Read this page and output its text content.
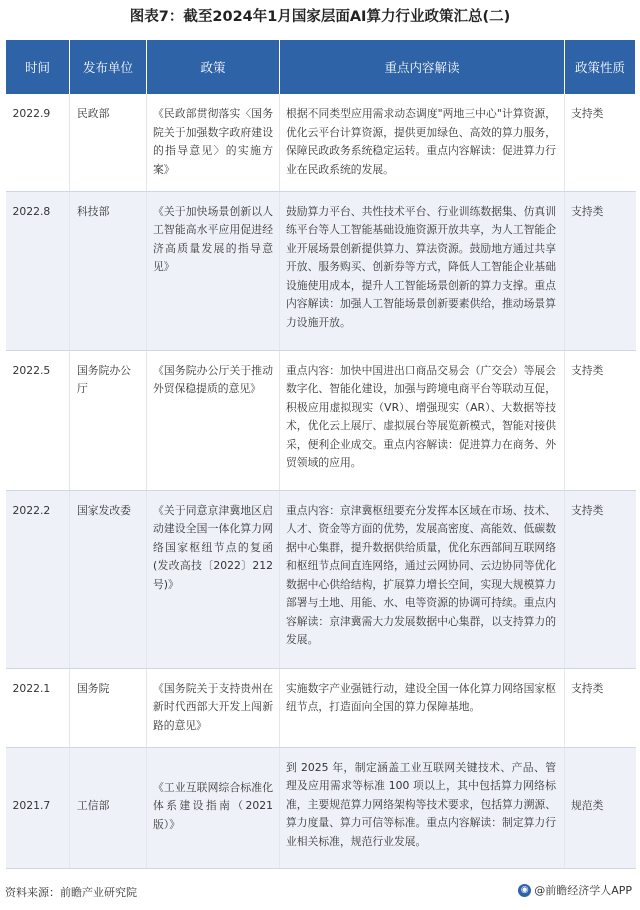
图表7：截至2024年1月国家层面AI算力行业政策汇总(二)
时间	发布单位	政策	重点内容解读	政策性质
2022.9	民政部	《民政部贯彻落实〈国务院关于加强数字政府建设的指导意见〉的实施方案》	根据不同类型应用需求动态调度"两地三中心"计算资源，优化云平台计算资源，提供更加绿色、高效的算力服务，保障民政政务系统稳定运转。重点内容解读：促进算力行业在民政系统的发展。	支持类
2022.8	科技部	《关于加快场景创新以人工智能高水平应用促进经济高质量发展的指导意见》	鼓励算力平台、共性技术平台、行业训练数据集、仿真训练平台等人工智能基础设施资源开放共享，为人工智能企业开展场景创新提供算力、算法资源。鼓励地方通过共享开放、服务购买、创新券等方式，降低人工智能企业基础设施使用成本，提升人工智能场景创新的算力支撑。重点内容解读：加强人工智能场景创新要素供给，推动场景算力设施开放。	支持类
2022.5	国务院办公厅	《国务院办公厅关于推动外贸保稳提质的意见》	重点内容：加快中国进出口商品交易会（广交会）等展会数字化、智能化建设，加强与跨境电商平台等联动互促，积极应用虚拟现实（VR）、增强现实（AR）、大数据等技术，优化云上展厅、虚拟展台等展览新模式，智能对接供采，便利企业成交。重点内容解读：促进算力在商务、外贸领域的应用。	支持类
2022.2	国家发改委	《关于同意京津冀地区启动建设全国一体化算力网络国家枢纽节点的复函(发改高技〔2022〕212号)》	重点内容：京津冀枢纽要充分发挥本区域在市场、技术、人才、资金等方面的优势，发展高密度、高能效、低碳数据中心集群，提升数据供给质量，优化东西部间互联网络和枢纽节点间直连网络，通过云网协同、云边协同等优化数据中心供给结构，扩展算力增长空间，实现大规模算力部署与土地、用能、水、电等资源的协调可持续。重点内容解读：京津冀需大力发展数据中心集群，以支持算力的发展。	支持类
2022.1	国务院	《国务院关于支持贵州在新时代西部大开发上闯新路的意见》	实施数字产业强链行动，建设全国一体化算力网络国家枢纽节点，打造面向全国的算力保障基地。	支持类
2021.7	工信部	《工业互联网综合标准化体系建设指南（2021版）》	到 2025 年，制定涵盖工业互联网关键技术、产品、管理及应用需求等标准 100 项以上，其中包括算力网络标准，主要规范算力网络架构等技术要求，包括算力溯源、算力度量、算力可信等标准。重点内容解读：制定算力行业相关标准，规范行业发展。	规范类
资料来源：前瞻产业研究院	◉ @前瞻经济学人APP
